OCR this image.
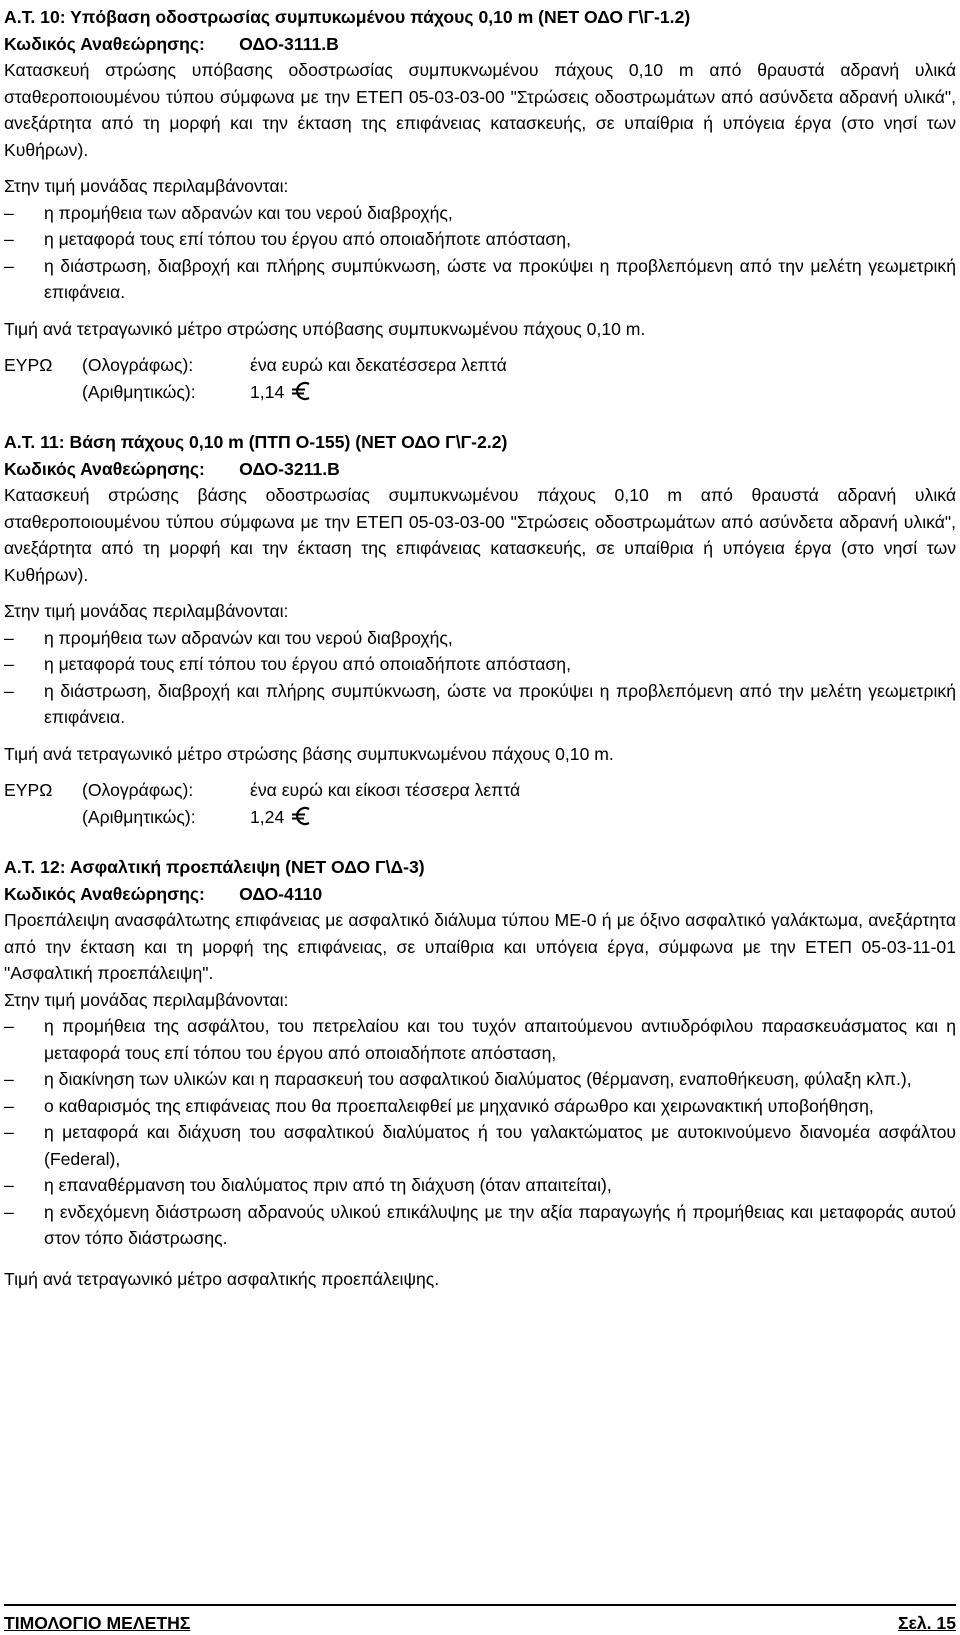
Α.Τ. 10: Υπόβαση οδοστρωσίας συμπυκωμένου πάχους 0,10 m (ΝΕΤ ΟΔΟ Γ\Γ-1.2)

Κωδικός Αναθεώρησης: ΟΔΟ-3111.Β

Κατασκευή στρώσης υπόβασης οδοστρωσίας συμπυκνωμένου πάχους 0,10 m από θραυστά αδρανή υλικά σταθεροποιουμένου τύπου σύμφωνα με την ΕΤΕΠ 05-03-03-00 "Στρώσεις οδοστρωμάτων από ασύνδετα αδρανή υλικά", ανεξάρτητα από τη μορφή και την έκταση της επιφάνειας κατασκευής, σε υπαίθρια ή υπόγεια έργα (στο νησί των Κυθήρων).

Στην τιμή μονάδας περιλαμβάνονται:

–	η προμήθεια των αδρανών και του νερού διαβροχής,
–	η μεταφορά τους επί τόπου του έργου από οποιαδήποτε απόσταση,
–	η διάστρωση, διαβροχή και πλήρης συμπύκνωση, ώστε να προκύψει η προβλεπόμενη από την μελέτη γεωμετρική επιφάνεια.

Τιμή ανά τετραγωνικό μέτρο στρώσης υπόβασης συμπυκνωμένου πάχους 0,10 m.

ΕΥΡΩ	(Ολογράφως):	ένα ευρώ και δεκατέσσερα λεπτά
(Αριθμητικώς):	1,14

Α.Τ. 11: Βάση πάχους 0,10 m (ΠΤΠ Ο-155) (ΝΕΤ ΟΔΟ Γ\Γ-2.2)

Κωδικός Αναθεώρησης: ΟΔΟ-3211.Β

Κατασκευή στρώσης βάσης οδοστρωσίας συμπυκνωμένου πάχους 0,10 m από θραυστά αδρανή υλικά σταθεροποιουμένου τύπου σύμφωνα με την ΕΤΕΠ 05-03-03-00 "Στρώσεις οδοστρωμάτων από ασύνδετα αδρανή υλικά", ανεξάρτητα από τη μορφή και την έκταση της επιφάνειας κατασκευής, σε υπαίθρια ή υπόγεια έργα (στο νησί των Κυθήρων).

Στην τιμή μονάδας περιλαμβάνονται:

–	η προμήθεια των αδρανών και του νερού διαβροχής,
–	η μεταφορά τους επί τόπου του έργου από οποιαδήποτε απόσταση,
–	η διάστρωση, διαβροχή και πλήρης συμπύκνωση, ώστε να προκύψει η προβλεπόμενη από την μελέτη γεωμετρική επιφάνεια.

Τιμή ανά τετραγωνικό μέτρο στρώσης βάσης συμπυκνωμένου πάχους 0,10 m.

ΕΥΡΩ	(Ολογράφως):	ένα ευρώ και είκοσι τέσσερα λεπτά
(Αριθμητικώς):	1,24

Α.Τ. 12: Ασφαλτική προεπάλειψη (ΝΕΤ ΟΔΟ Γ\Δ-3)

Κωδικός Αναθεώρησης: ΟΔΟ-4110

Προεπάλειψη ανασφάλτωτης επιφάνειας με ασφαλτικό διάλυμα τύπου ΜΕ-0 ή με όξινο ασφαλτικό γαλάκτωμα, ανεξάρτητα από την έκταση και τη μορφή της επιφάνειας, σε υπαίθρια και υπόγεια έργα, σύμφωνα με την ΕΤΕΠ 05-03-11-01 "Ασφαλτική προεπάλειψη".

Στην τιμή μονάδας περιλαμβάνονται:

–	η προμήθεια της ασφάλτου, του πετρελαίου και του τυχόν απαιτούμενου αντιυδρόφιλου παρασκευάσματος και η μεταφορά τους επί τόπου του έργου από οποιαδήποτε απόσταση,
–	η διακίνηση των υλικών και η παρασκευή του ασφαλτικού διαλύματος (θέρμανση, εναποθήκευση, φύλαξη κλπ.),
–	ο καθαρισμός της επιφάνειας που θα προεπαλειφθεί με μηχανικό σάρωθρο και χειρωνακτική υποβοήθηση,
–	η μεταφορά και διάχυση του ασφαλτικού διαλύματος ή του γαλακτώματος με αυτοκινούμενο διανομέα ασφάλτου (Federal),
–	η επαναθέρμανση του διαλύματος πριν από τη διάχυση (όταν απαιτείται),
–	η ενδεχόμενη διάστρωση αδρανούς υλικού επικάλυψης με την αξία παραγωγής ή προμήθειας και μεταφοράς αυτού στον τόπο διάστρωσης.

Τιμή ανά τετραγωνικό μέτρο ασφαλτικής προεπάλειψης.

ΤΙΜΟΛΟΓΙΟ ΜΕΛΕΤΗΣ	Σελ. 15
